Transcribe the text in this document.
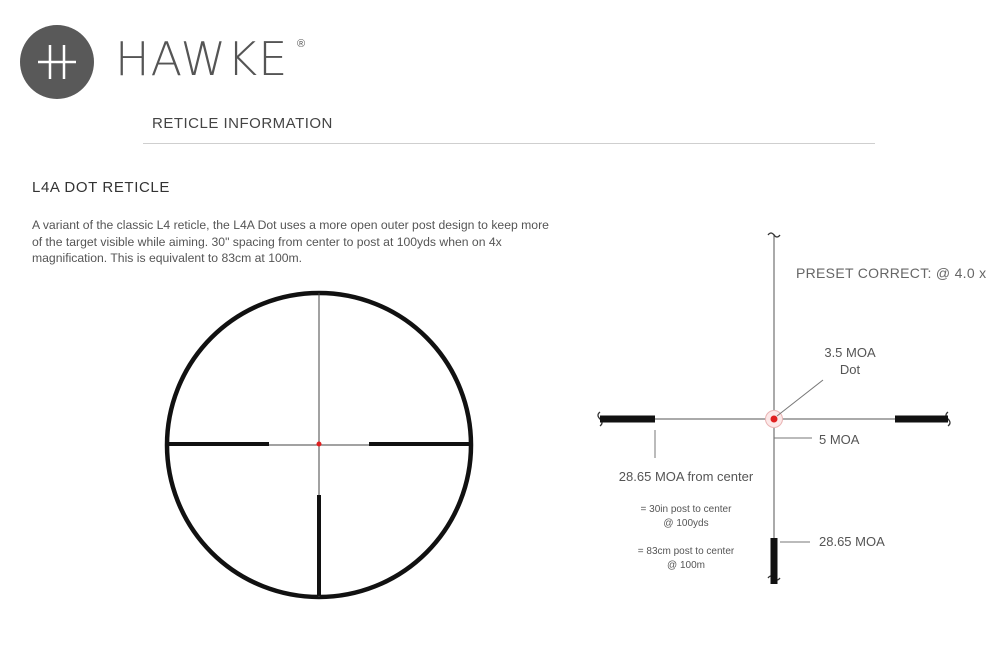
HAWKE ®
RETICLE INFORMATION
L4A DOT RETICLE
A variant of the classic L4 reticle, the L4A Dot uses a more open outer post design to keep more of the target visible while aiming. 30" spacing from center to post at 100yds when on 4x magnification. This is equivalent to 83cm at 100m.
PRESET CORRECT: @ 4.0 x
3.5 MOA
Dot
5 MOA
28.65 MOA from center
= 30in post to center
@ 100yds
= 83cm post to center
@ 100m
28.65 MOA
